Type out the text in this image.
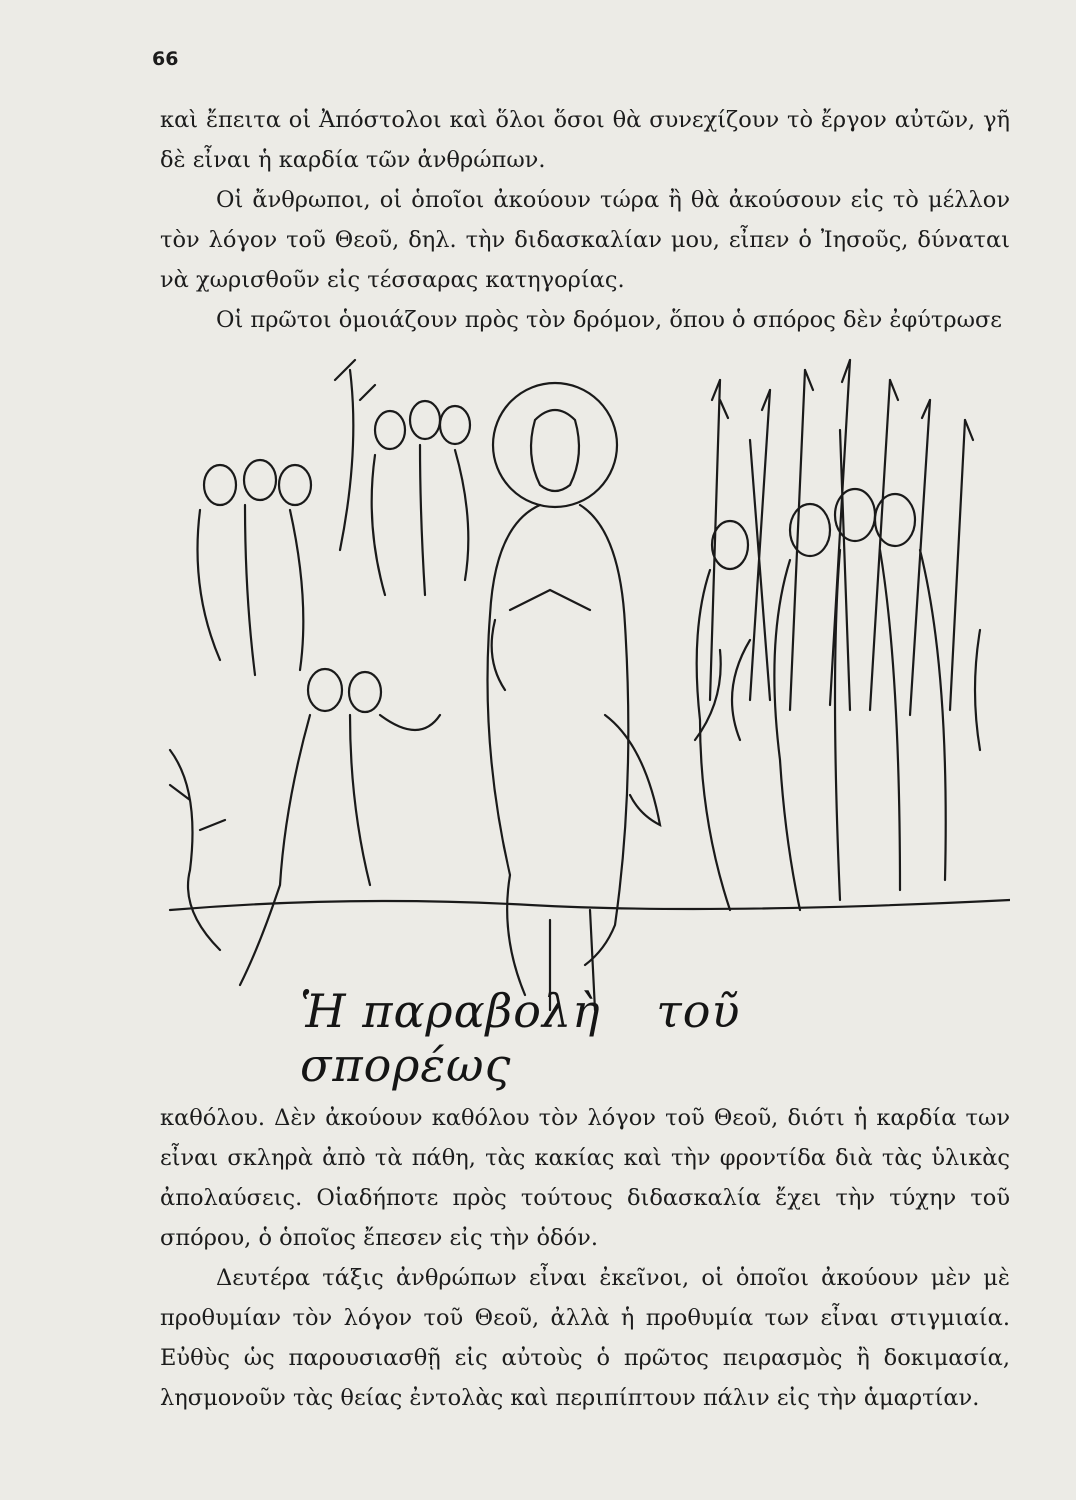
66

καὶ ἔπειτα οἱ Ἀπόστολοι καὶ ὅλοι ὅσοι θὰ συνεχίζουν τὸ ἔργον αὐτῶν, γῆ δὲ εἶναι ἡ καρδία τῶν ἀνθρώπων.

Οἱ ἄνθρωποι, οἱ ὁποῖοι ἀκούουν τώρα ἢ θὰ ἀκούσουν εἰς τὸ μέλλον τὸν λόγον τοῦ Θεοῦ, δηλ. τὴν διδασκαλίαν μου, εἶπεν ὁ Ἰησοῦς, δύναται νὰ χωρισθοῦν εἰς τέσσαρας κατηγορίας.

Οἱ πρῶτοι ὁμοιάζουν πρὸς τὸν δρόμον, ὅπου ὁ σπόρος δὲν ἐφύτρωσε

Ἡ παραβολὴ τοῦ σπορέως

καθόλου. Δὲν ἀκούουν καθόλου τὸν λόγον τοῦ Θεοῦ, διότι ἡ καρδία των εἶναι σκληρὰ ἀπὸ τὰ πάθη, τὰς κακίας καὶ τὴν φροντίδα διὰ τὰς ὑλικὰς ἀπολαύσεις. Οἱαδήποτε πρὸς τούτους διδασκαλία ἔχει τὴν τύχην τοῦ σπόρου, ὁ ὁποῖος ἔπεσεν εἰς τὴν ὁδόν.

Δευτέρα τάξις ἀνθρώπων εἶναι ἐκεῖνοι, οἱ ὁποῖοι ἀκούουν μὲν μὲ προθυμίαν τὸν λόγον τοῦ Θεοῦ, ἀλλὰ ἡ προθυμία των εἶναι στιγμιαία. Εὐθὺς ὡς παρουσιασθῇ εἰς αὐτοὺς ὁ πρῶτος πειρασμὸς ἢ δοκιμασία, λησμονοῦν τὰς θείας ἐντολὰς καὶ περιπίπτουν πάλιν εἰς τὴν ἁμαρτίαν.
